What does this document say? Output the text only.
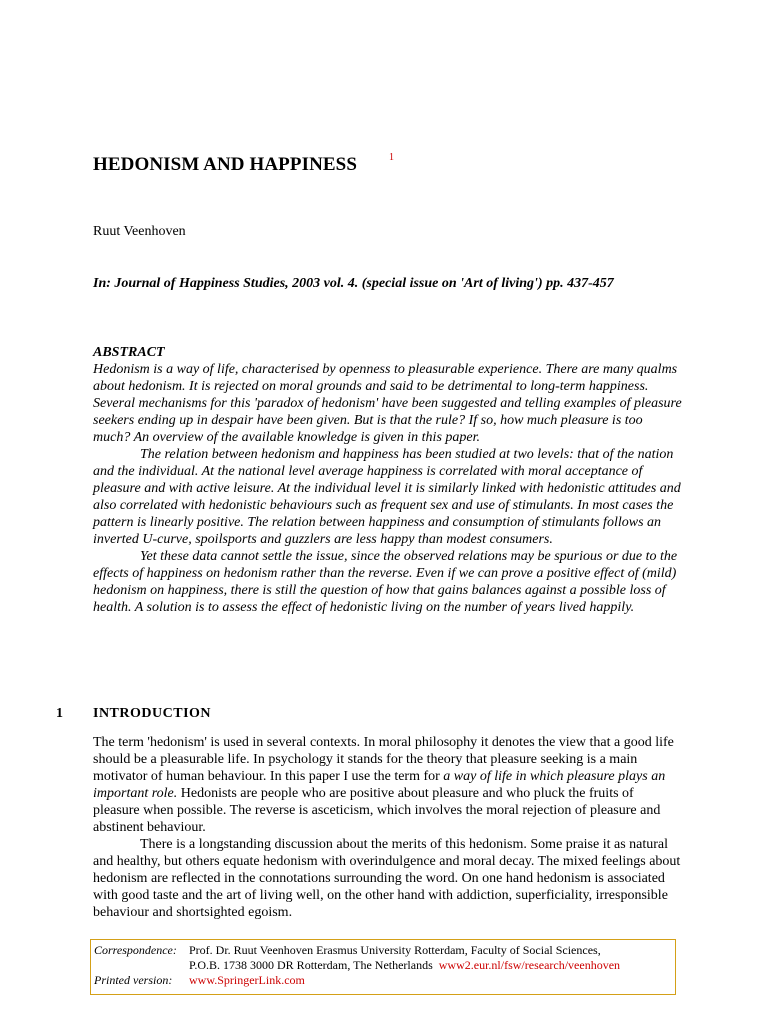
HEDONISM AND HAPPINESS	1
Ruut Veenhoven
In: Journal of Happiness Studies, 2003 vol. 4. (special issue on 'Art of living') pp. 437-457

ABSTRACT

Hedonism is a way of life, characterised by openness to pleasurable experience. There are many qualms about hedonism. It is rejected on moral grounds and said to be detrimental to long-term happiness. Several mechanisms for this 'paradox of hedonism' have been suggested and telling examples of pleasure seekers ending up in despair have been given. But is that the rule? If so, how much pleasure is too much? An overview of the available knowledge is given in this paper.

The relation between hedonism and happiness has been studied at two levels: that of the nation and the individual. At the national level average happiness is correlated with moral acceptance of pleasure and with active leisure. At the individual level it is similarly linked with hedonistic attitudes and also correlated with hedonistic behaviours such as frequent sex and use of stimulants. In most cases the pattern is linearly positive. The relation between happiness and consumption of stimulants follows an inverted U-curve, spoilsports and guzzlers are less happy than modest consumers.

Yet these data cannot settle the issue, since the observed relations may be spurious or due to the effects of happiness on hedonism rather than the reverse. Even if we can prove a positive effect of (mild) hedonism on happiness, there is still the question of how that gains balances against a possible loss of health. A solution is to assess the effect of hedonistic living on the number of years lived happily.

1 INTRODUCTION

The term 'hedonism' is used in several contexts. In moral philosophy it denotes the view that a good life should be a pleasurable life. In psychology it stands for the theory that pleasure seeking is a main motivator of human behaviour. In this paper I use the term for a way of life in which pleasure plays an important role. Hedonists are people who are positive about pleasure and who pluck the fruits of pleasure when possible. The reverse is asceticism, which involves the moral rejection of pleasure and abstinent behaviour.

There is a longstanding discussion about the merits of this hedonism. Some praise it as natural and healthy, but others equate hedonism with overindulgence and moral decay. The mixed feelings about hedonism are reflected in the connotations surrounding the word. On one hand hedonism is associated with good taste and the art of living well, on the other hand with addiction, superficiality, irresponsible behaviour and shortsighted egoism.

Correspondence: Prof. Dr. Ruut Veenhoven Erasmus University Rotterdam, Faculty of Social Sciences,
P.O.B. 1738 3000 DR Rotterdam, The Netherlands www2.eur.nl/fsw/research/veenhoven
Printed version: www.SpringerLink.com
